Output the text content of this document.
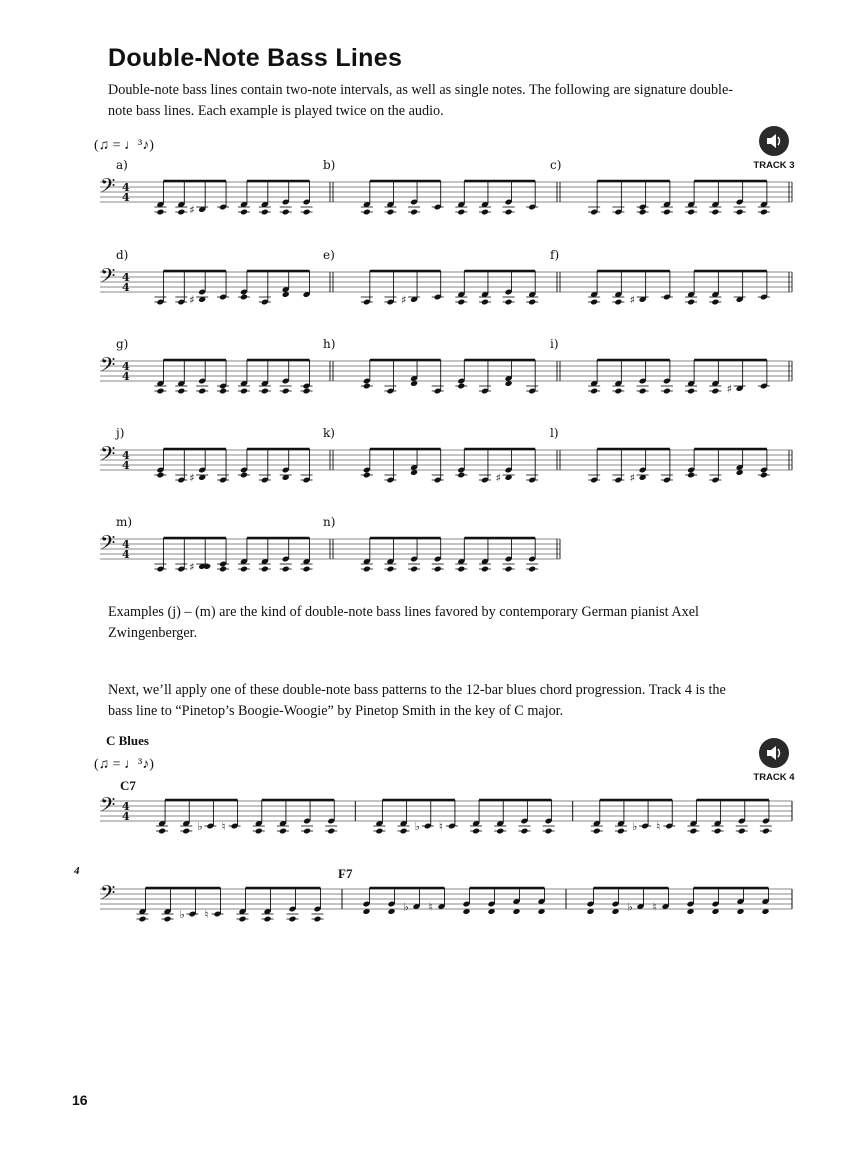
Double-Note Bass Lines
Double-note bass lines contain two-note intervals, as well as single notes. The following are signature double-note bass lines. Each example is played twice on the audio.
(♫ = ♩³♪)
TRACK 3
Examples (j) – (m) are the kind of double-note bass lines favored by contemporary German pianist Axel Zwingenberger.
Next, we’ll apply one of these double-note bass patterns to the 12-bar blues chord progression. Track 4 is the bass line to “Pinetop’s Boogie-Woogie” by Pinetop Smith in the key of C major.
C Blues
(♫ = ♩³♪)
C7
TRACK 4
4	F7
16
𝄢 4
4
a)
♯
b)	c)
𝄢 4
4
d)
♯
e)
♯
f)
♯
𝄢 4
4
g)	h)	i)
♯
𝄢 4
4
j)
♯
k)
♯
l)
♯
𝄢 4
4
m)
♯
n)
𝄢 4
4
♭ ♮	♭ ♮	♭ ♮
𝄢
♭ ♮
♭ ♮	♭ ♮
